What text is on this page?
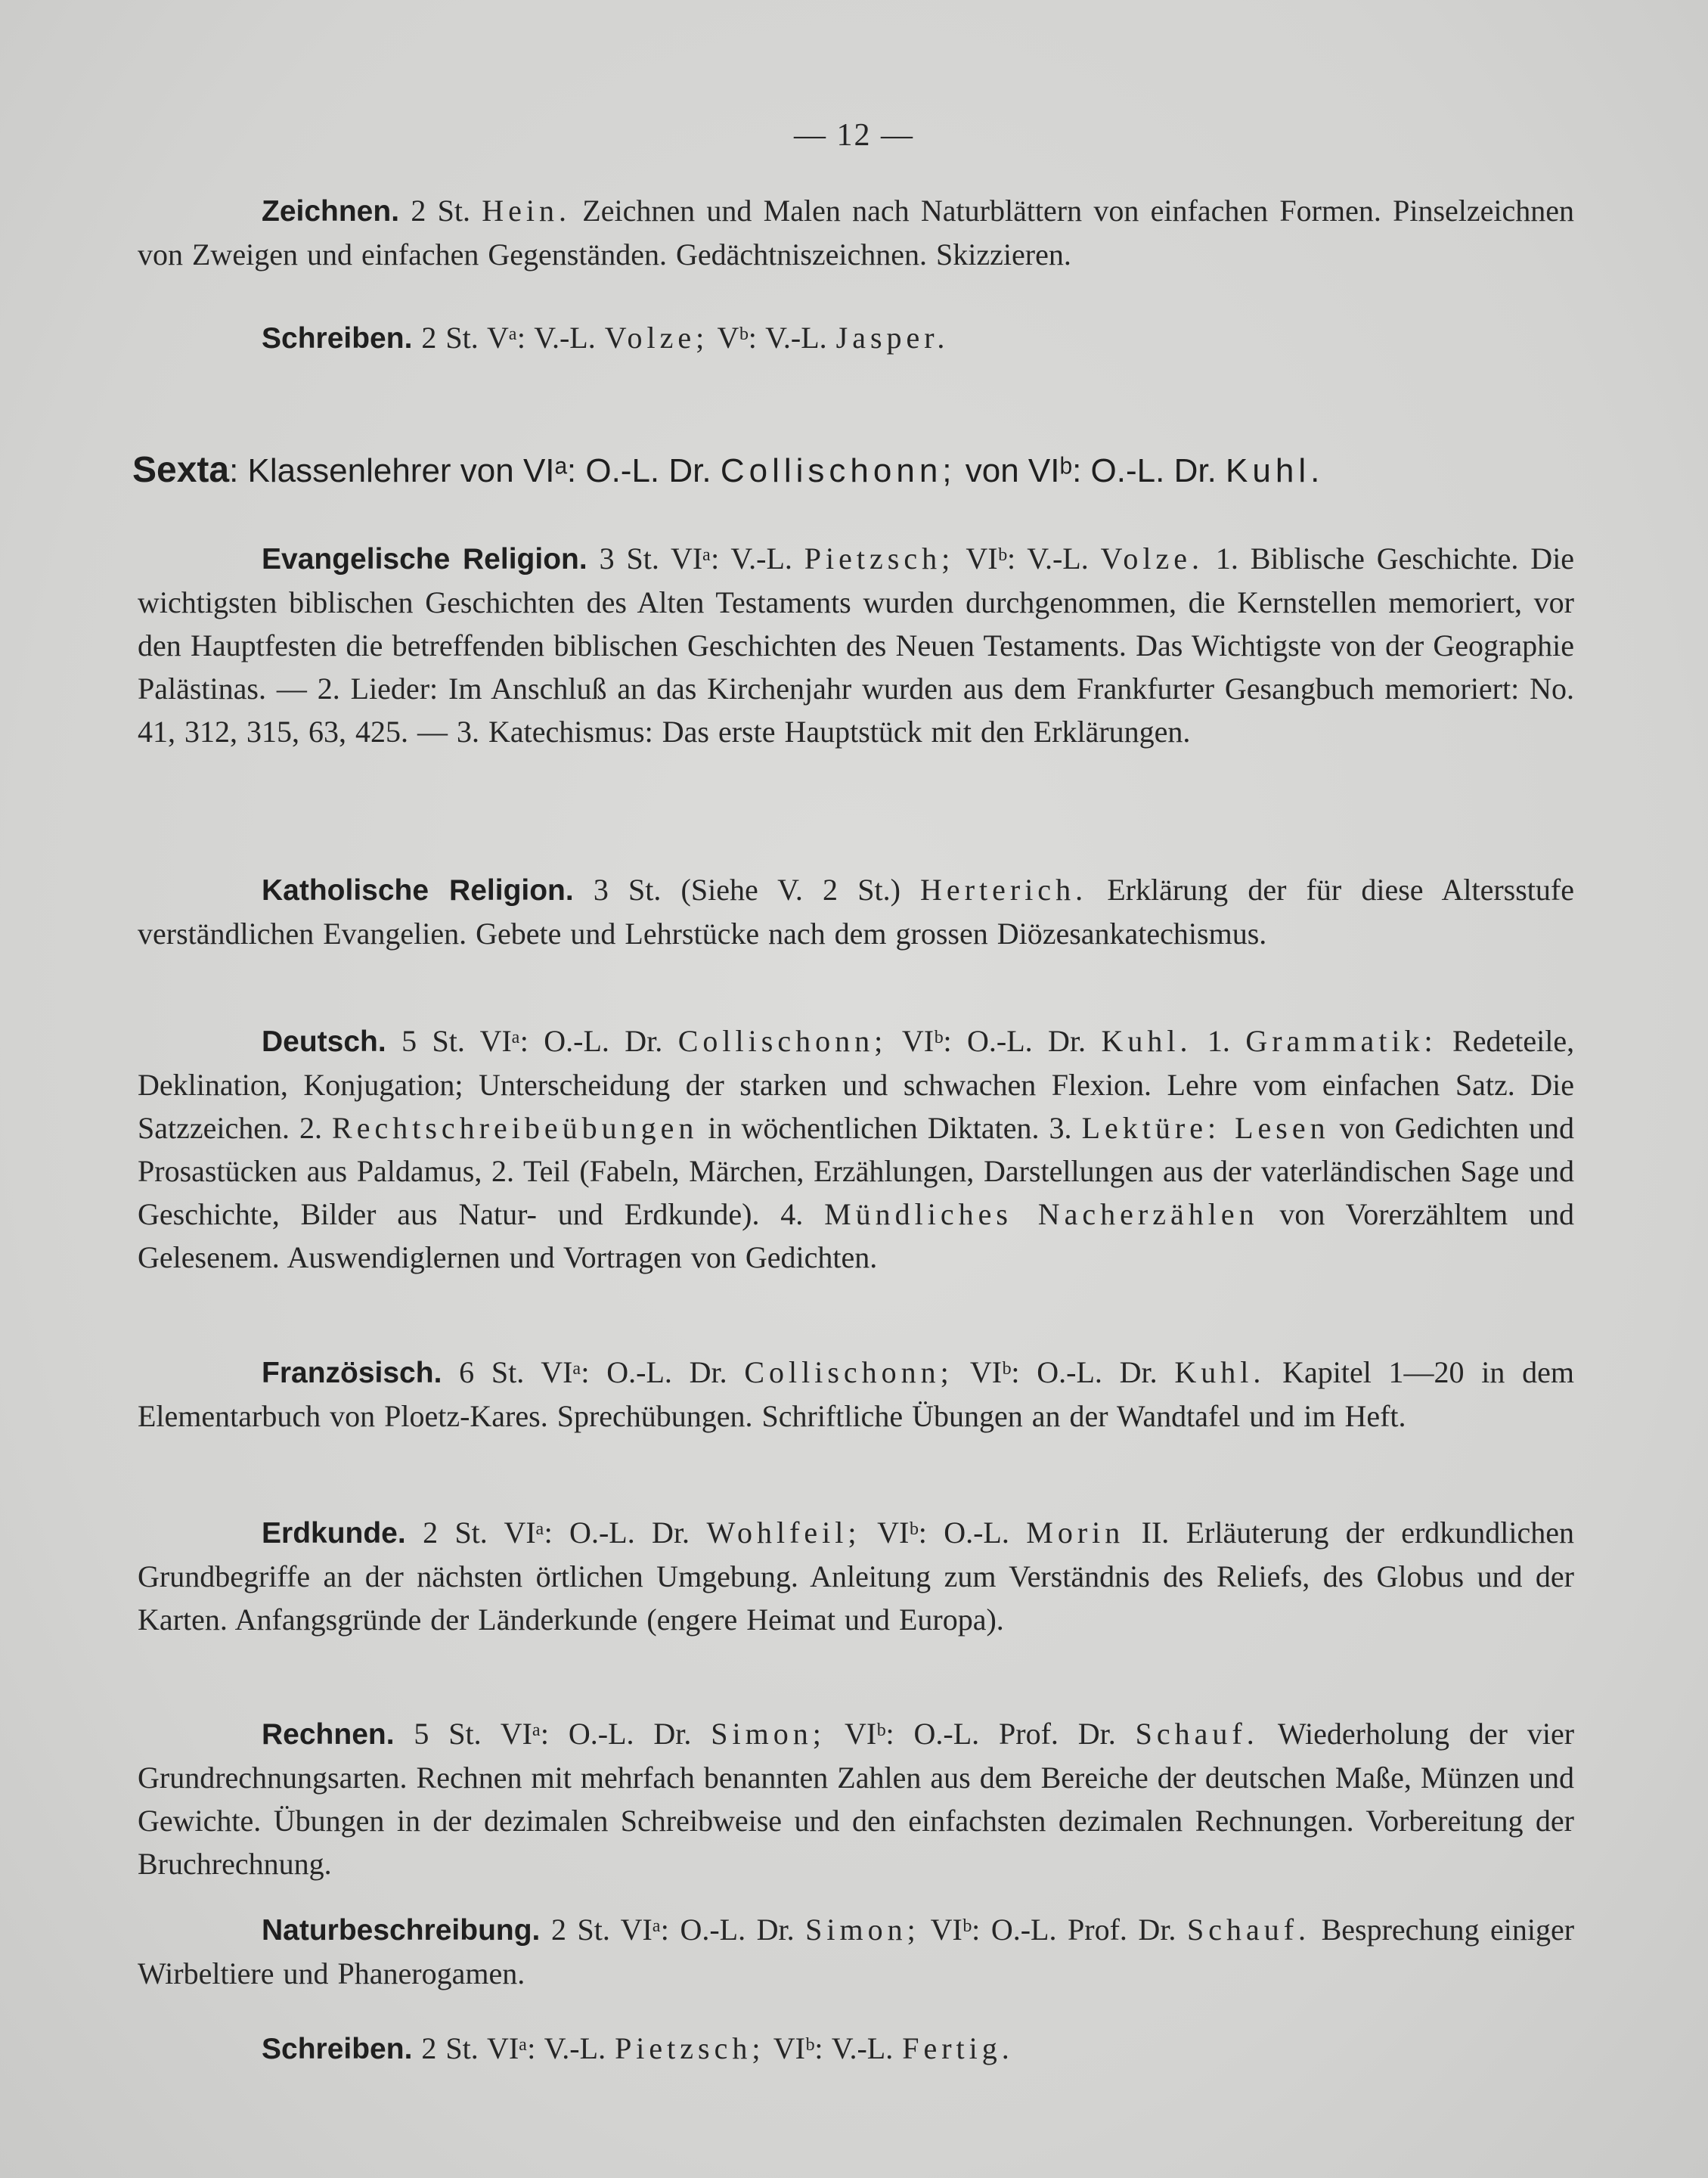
— 12 —

Zeichnen. 2 St. Hein. Zeichnen und Malen nach Naturblättern von einfachen Formen. Pinselzeichnen von Zweigen und einfachen Gegenständen. Gedächtniszeichnen. Skizzieren.

Schreiben. 2 St. Vᵃ: V.-L. Volze; Vᵇ: V.-L. Jasper.

Sexta: Klassenlehrer von VIᵃ: O.-L. Dr. Collischonn; von VIᵇ: O.-L. Dr. Kuhl.

Evangelische Religion. 3 St. VIᵃ: V.-L. Pietzsch; VIᵇ: V.-L. Volze. 1. Biblische Geschichte. Die wichtigsten biblischen Geschichten des Alten Testaments wurden durchgenommen, die Kernstellen memoriert, vor den Hauptfesten die betreffenden biblischen Geschichten des Neuen Testaments. Das Wichtigste von der Geographie Palästinas. — 2. Lieder: Im Anschluß an das Kirchenjahr wurden aus dem Frankfurter Gesangbuch memoriert: No. 41, 312, 315, 63, 425. — 3. Katechismus: Das erste Hauptstück mit den Erklärungen.

Katholische Religion. 3 St. (Siehe V. 2 St.) Herterich. Erklärung der für diese Altersstufe verständlichen Evangelien. Gebete und Lehrstücke nach dem grossen Diözesankatechismus.

Deutsch. 5 St. VIᵃ: O.-L. Dr. Collischonn; VIᵇ: O.-L. Dr. Kuhl. 1. Grammatik: Redeteile, Deklination, Konjugation; Unterscheidung der starken und schwachen Flexion. Lehre vom einfachen Satz. Die Satzzeichen. 2. Rechtschreibeübungen in wöchentlichen Diktaten. 3. Lektüre: Lesen von Gedichten und Prosastücken aus Paldamus, 2. Teil (Fabeln, Märchen, Erzählungen, Darstellungen aus der vaterländischen Sage und Geschichte, Bilder aus Natur- und Erdkunde). 4. Mündliches Nacherzählen von Vorerzähltem und Gelesenem. Auswendiglernen und Vortragen von Gedichten.

Französisch. 6 St. VIᵃ: O.-L. Dr. Collischonn; VIᵇ: O.-L. Dr. Kuhl. Kapitel 1—20 in dem Elementarbuch von Ploetz-Kares. Sprechübungen. Schriftliche Übungen an der Wandtafel und im Heft.

Erdkunde. 2 St. VIᵃ: O.-L. Dr. Wohlfeil; VIᵇ: O.-L. Morin II. Erläuterung der erdkundlichen Grundbegriffe an der nächsten örtlichen Umgebung. Anleitung zum Verständnis des Reliefs, des Globus und der Karten. Anfangsgründe der Länderkunde (engere Heimat und Europa).

Rechnen. 5 St. VIᵃ: O.-L. Dr. Simon; VIᵇ: O.-L. Prof. Dr. Schauf. Wiederholung der vier Grundrechnungsarten. Rechnen mit mehrfach benannten Zahlen aus dem Bereiche der deutschen Maße, Münzen und Gewichte. Übungen in der dezimalen Schreibweise und den einfachsten dezimalen Rechnungen. Vorbereitung der Bruchrechnung.

Naturbeschreibung. 2 St. VIᵃ: O.-L. Dr. Simon; VIᵇ: O.-L. Prof. Dr. Schauf. Besprechung einiger Wirbeltiere und Phanerogamen.

Schreiben. 2 St. VIᵃ: V.-L. Pietzsch; VIᵇ: V.-L. Fertig.
